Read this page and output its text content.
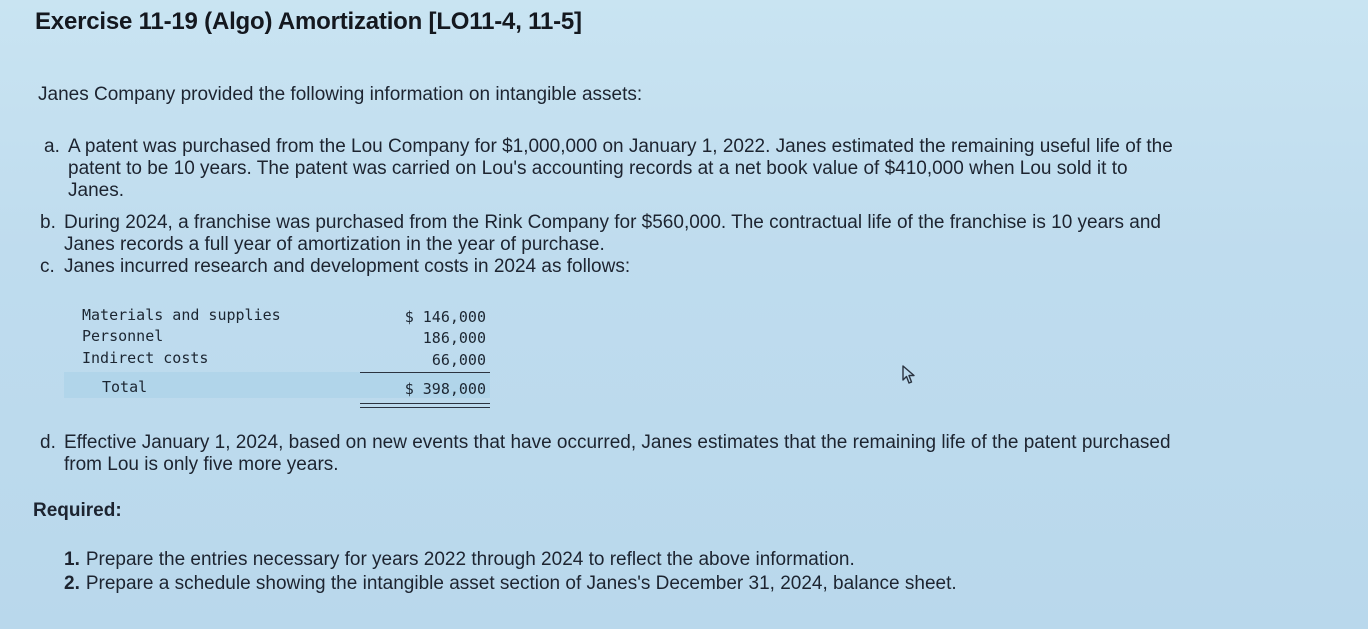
Exercise 11-19 (Algo) Amortization [LO11-4, 11-5]
Janes Company provided the following information on intangible assets:
a. A patent was purchased from the Lou Company for $1,000,000 on January 1, 2022. Janes estimated the remaining useful life of the
patent to be 10 years. The patent was carried on Lou's accounting records at a net book value of $410,000 when Lou sold it to
Janes.
b. During 2024, a franchise was purchased from the Rink Company for $560,000. The contractual life of the franchise is 10 years and
Janes records a full year of amortization in the year of purchase.
c. Janes incurred research and development costs in 2024 as follows:
Materials and supplies	$ 146,000
Personnel	186,000
Indirect costs	66,000
Total	$ 398,000
d. Effective January 1, 2024, based on new events that have occurred, Janes estimates that the remaining life of the patent purchased
from Lou is only five more years.
Required:
1. Prepare the entries necessary for years 2022 through 2024 to reflect the above information.
2. Prepare a schedule showing the intangible asset section of Janes's December 31, 2024, balance sheet.
